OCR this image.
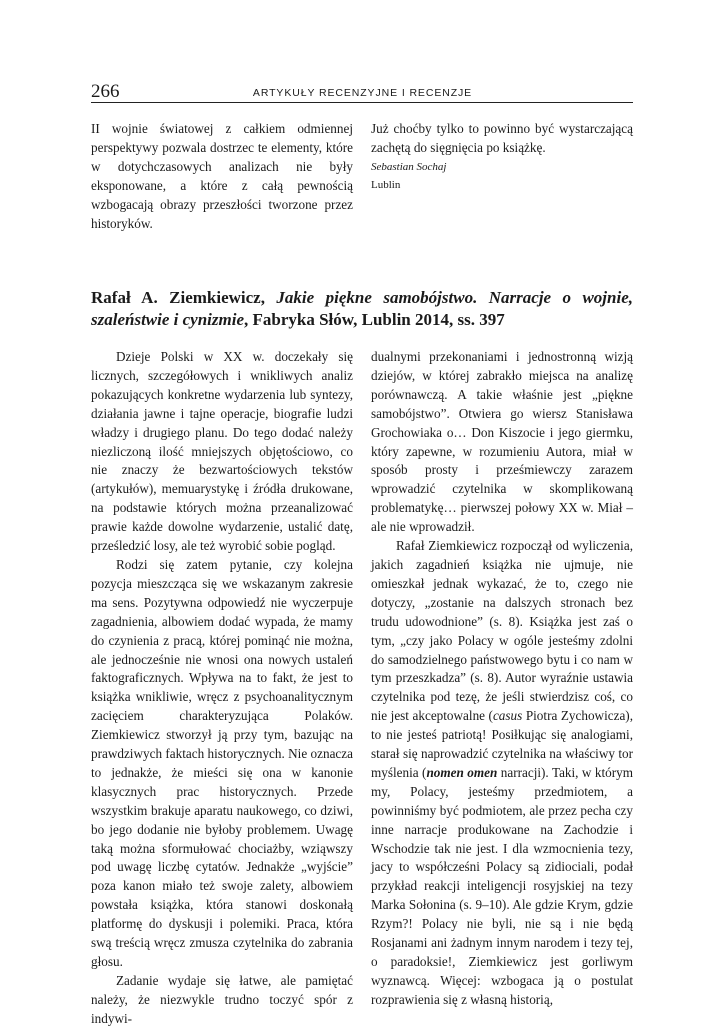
266	ARTYKUŁY RECENZYJNE I RECENZJE

II wojnie światowej z całkiem odmiennej perspektywy pozwala dostrzec te elementy, które w dotychczasowych analizach nie były eksponowane, a które z całą pewnością wzbogacają obrazy przeszłości tworzone przez historyków.

Już choćby tylko to powinno być wystarczającą zachętą do sięgnięcia po książkę.

Sebastian Sochaj

Lublin

Rafał A. Ziemkiewicz, Jakie piękne samobójstwo. Narracje o wojnie, szaleństwie i cynizmie, Fabryka Słów, Lublin 2014, ss. 397

Dzieje Polski w XX w. doczekały się licznych, szczegółowych i wnikliwych analiz pokazujących konkretne wydarzenia lub syntezy, działania jawne i tajne operacje, biografie ludzi władzy i drugiego planu. Do tego dodać należy niezliczoną ilość mniejszych objętościowo, co nie znaczy że bezwartościowych tekstów (artykułów), memuarystykę i źródła drukowane, na podstawie których można przeanalizować prawie każde dowolne wydarzenie, ustalić datę, prześledzić losy, ale też wyrobić sobie pogląd.

Rodzi się zatem pytanie, czy kolejna pozycja mieszcząca się we wskazanym zakresie ma sens. Pozytywna odpowiedź nie wyczerpuje zagadnienia, albowiem dodać wypada, że mamy do czynienia z pracą, której pominąć nie można, ale jednocześnie nie wnosi ona nowych ustaleń faktograficznych. Wpływa na to fakt, że jest to książka wnikliwie, wręcz z psychoanalitycznym zacięciem charakteryzująca Polaków. Ziemkiewicz stworzył ją przy tym, bazując na prawdziwych faktach historycznych. Nie oznacza to jednakże, że mieści się ona w kanonie klasycznych prac historycznych. Przede wszystkim brakuje aparatu naukowego, co dziwi, bo jego dodanie nie byłoby problemem. Uwagę taką można sformułować chociażby, wziąwszy pod uwagę liczbę cytatów. Jednakże „wyjście” poza kanon miało też swoje zalety, albowiem powstała książka, która stanowi doskonałą platformę do dyskusji i polemiki. Praca, która swą treścią wręcz zmusza czytelnika do zabrania głosu.

Zadanie wydaje się łatwe, ale pamiętać należy, że niezwykle trudno toczyć spór z indywi-

dualnymi przekonaniami i jednostronną wizją dziejów, w której zabrakło miejsca na analizę porównawczą. A takie właśnie jest „piękne samobójstwo”. Otwiera go wiersz Stanisława Grochowiaka o… Don Kiszocie i jego giermku, który zapewne, w rozumieniu Autora, miał w sposób prosty i prześmiewczy zarazem wprowadzić czytelnika w skomplikowaną problematykę… pierwszej połowy XX w. Miał – ale nie wprowadził.

Rafał Ziemkiewicz rozpoczął od wyliczenia, jakich zagadnień książka nie ujmuje, nie omieszkał jednak wykazać, że to, czego nie dotyczy, „zostanie na dalszych stronach bez trudu udowodnione” (s. 8). Książka jest zaś o tym, „czy jako Polacy w ogóle jesteśmy zdolni do samodzielnego państwowego bytu i co nam w tym przeszkadza” (s. 8). Autor wyraźnie ustawia czytelnika pod tezę, że jeśli stwierdzisz coś, co nie jest akceptowalne (casus Piotra Zychowicza), to nie jesteś patriotą! Posiłkując się analogiami, starał się naprowadzić czytelnika na właściwy tor myślenia (nomen omen narracji). Taki, w którym my, Polacy, jesteśmy przedmiotem, a powinniśmy być podmiotem, ale przez pecha czy inne narracje produkowane na Zachodzie i Wschodzie tak nie jest. I dla wzmocnienia tezy, jacy to współcześni Polacy są zidiociali, podał przykład reakcji inteligencji rosyjskiej na tezy Marka Sołonina (s. 9–10). Ale gdzie Krym, gdzie Rzym?! Polacy nie byli, nie są i nie będą Rosjanami ani żadnym innym narodem i tezy tej, o paradoksie!, Ziemkiewicz jest gorliwym wyznawcą. Więcej: wzbogaca ją o postulat rozprawienia się z własną historią,
